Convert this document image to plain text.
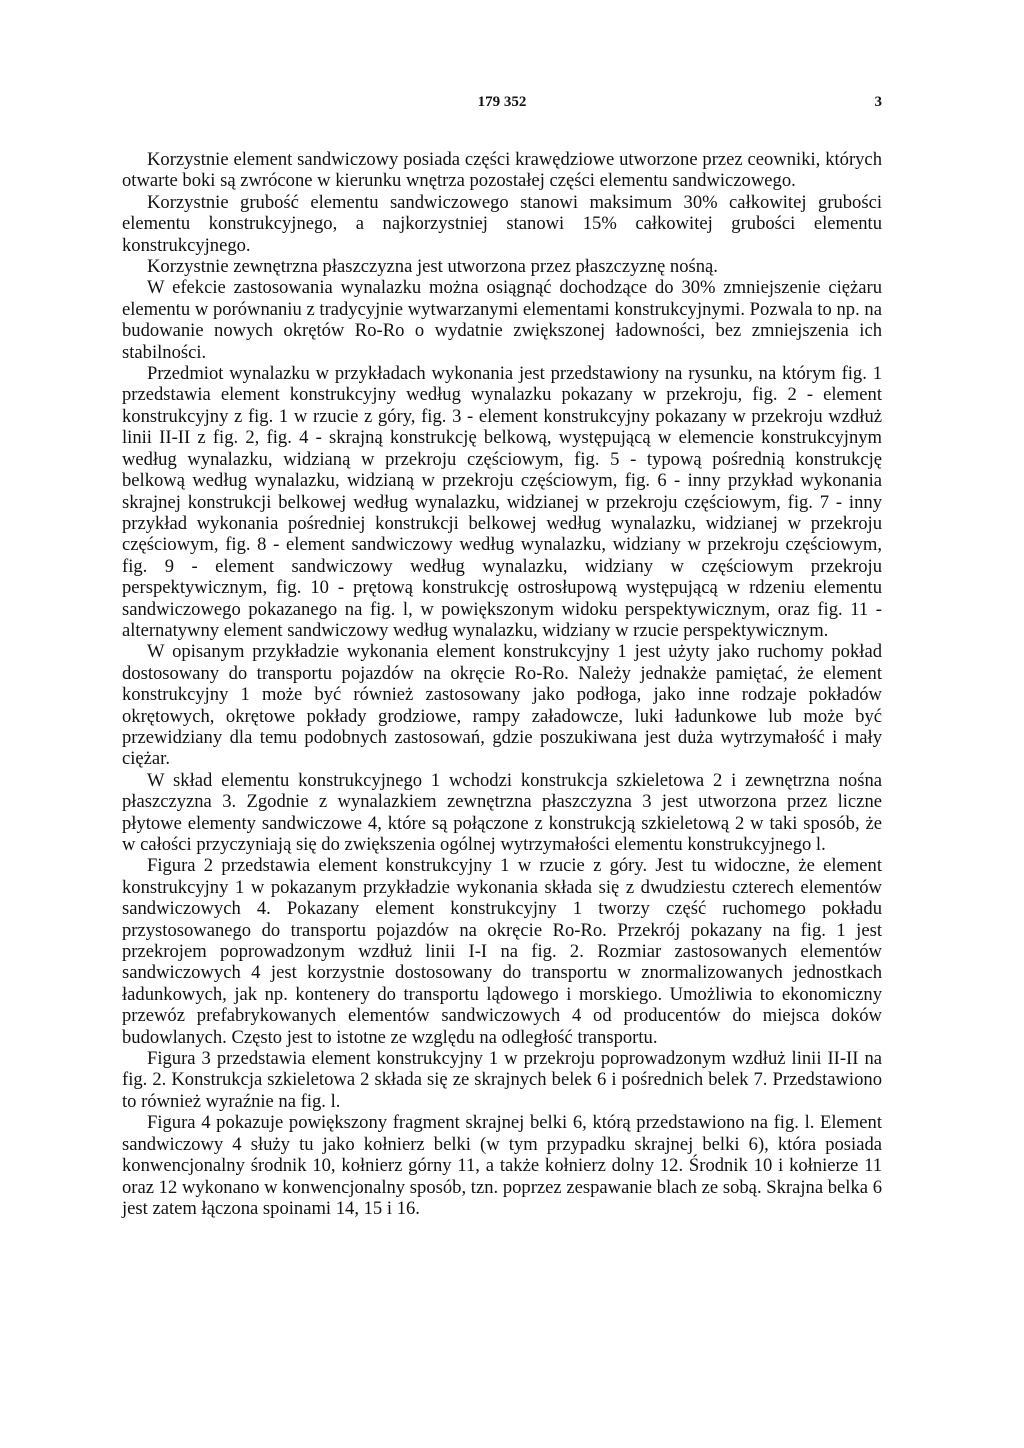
179 352	3

Korzystnie element sandwiczowy posiada części krawędziowe utworzone przez ceowniki, których otwarte boki są zwrócone w kierunku wnętrza pozostałej części elementu sandwiczowego.

Korzystnie grubość elementu sandwiczowego stanowi maksimum 30% całkowitej grubości elementu konstrukcyjnego, a najkorzystniej stanowi 15% całkowitej grubości elementu konstrukcyjnego.

Korzystnie zewnętrzna płaszczyzna jest utworzona przez płaszczyznę nośną.

W efekcie zastosowania wynalazku można osiągnąć dochodzące do 30% zmniejszenie ciężaru elementu w porównaniu z tradycyjnie wytwarzanymi elementami konstrukcyjnymi. Pozwala to np. na budowanie nowych okrętów Ro-Ro o wydatnie zwiększonej ładowności, bez zmniejszenia ich stabilności.

Przedmiot wynalazku w przykładach wykonania jest przedstawiony na rysunku, na którym fig. 1 przedstawia element konstrukcyjny według wynalazku pokazany w przekroju, fig. 2 - element konstrukcyjny z fig. 1 w rzucie z góry, fig. 3 - element konstrukcyjny pokazany w przekroju wzdłuż linii II-II z fig. 2, fig. 4 - skrajną konstrukcję belkową, występującą w elemencie konstrukcyjnym według wynalazku, widzianą w przekroju częściowym, fig. 5 - typową pośrednią konstrukcję belkową według wynalazku, widzianą w przekroju częściowym, fig. 6 - inny przykład wykonania skrajnej konstrukcji belkowej według wynalazku, widzianej w przekroju częściowym, fig. 7 - inny przykład wykonania pośredniej konstrukcji belkowej według wynalazku, widzianej w przekroju częściowym, fig. 8 - element sandwiczowy według wynalazku, widziany w przekroju częściowym, fig. 9 - element sandwiczowy według wynalazku, widziany w częściowym przekroju perspektywicznym, fig. 10 - prętową konstrukcję ostrosłupową występującą w rdzeniu elementu sandwiczowego pokazanego na fig. l, w powiększonym widoku perspektywicznym, oraz fig. 11 - alternatywny element sandwiczowy według wynalazku, widziany w rzucie perspektywicznym.

W opisanym przykładzie wykonania element konstrukcyjny 1 jest użyty jako ruchomy pokład dostosowany do transportu pojazdów na okręcie Ro-Ro. Należy jednakże pamiętać, że element konstrukcyjny 1 może być również zastosowany jako podłoga, jako inne rodzaje pokładów okrętowych, okrętowe pokłady grodziowe, rampy załadowcze, luki ładunkowe lub może być przewidziany dla temu podobnych zastosowań, gdzie poszukiwana jest duża wytrzymałość i mały ciężar.

W skład elementu konstrukcyjnego 1 wchodzi konstrukcja szkieletowa 2 i zewnętrzna nośna płaszczyzna 3. Zgodnie z wynalazkiem zewnętrzna płaszczyzna 3 jest utworzona przez liczne płytowe elementy sandwiczowe 4, które są połączone z konstrukcją szkieletową 2 w taki sposób, że w całości przyczyniają się do zwiększenia ogólnej wytrzymałości elementu konstrukcyjnego l.

Figura 2 przedstawia element konstrukcyjny 1 w rzucie z góry. Jest tu widoczne, że element konstrukcyjny 1 w pokazanym przykładzie wykonania składa się z dwudziestu czterech elementów sandwiczowych 4. Pokazany element konstrukcyjny 1 tworzy część ruchomego pokładu przystosowanego do transportu pojazdów na okręcie Ro-Ro. Przekrój pokazany na fig. 1 jest przekrojem poprowadzonym wzdłuż linii I-I na fig. 2. Rozmiar zastosowanych elementów sandwiczowych 4 jest korzystnie dostosowany do transportu w znormalizowanych jednostkach ładunkowych, jak np. kontenery do transportu lądowego i morskiego. Umożliwia to ekonomiczny przewóz prefabrykowanych elementów sandwiczowych 4 od producentów do miejsca doków budowlanych. Często jest to istotne ze względu na odległość transportu.

Figura 3 przedstawia element konstrukcyjny 1 w przekroju poprowadzonym wzdłuż linii II-II na fig. 2. Konstrukcja szkieletowa 2 składa się ze skrajnych belek 6 i pośrednich belek 7. Przedstawiono to również wyraźnie na fig. l.

Figura 4 pokazuje powiększony fragment skrajnej belki 6, którą przedstawiono na fig. l. Element sandwiczowy 4 służy tu jako kołnierz belki (w tym przypadku skrajnej belki 6), która posiada konwencjonalny środnik 10, kołnierz górny 11, a także kołnierz dolny 12. Środnik 10 i kołnierze 11 oraz 12 wykonano w konwencjonalny sposób, tzn. poprzez zespawanie blach ze sobą. Skrajna belka 6 jest zatem łączona spoinami 14, 15 i 16.
